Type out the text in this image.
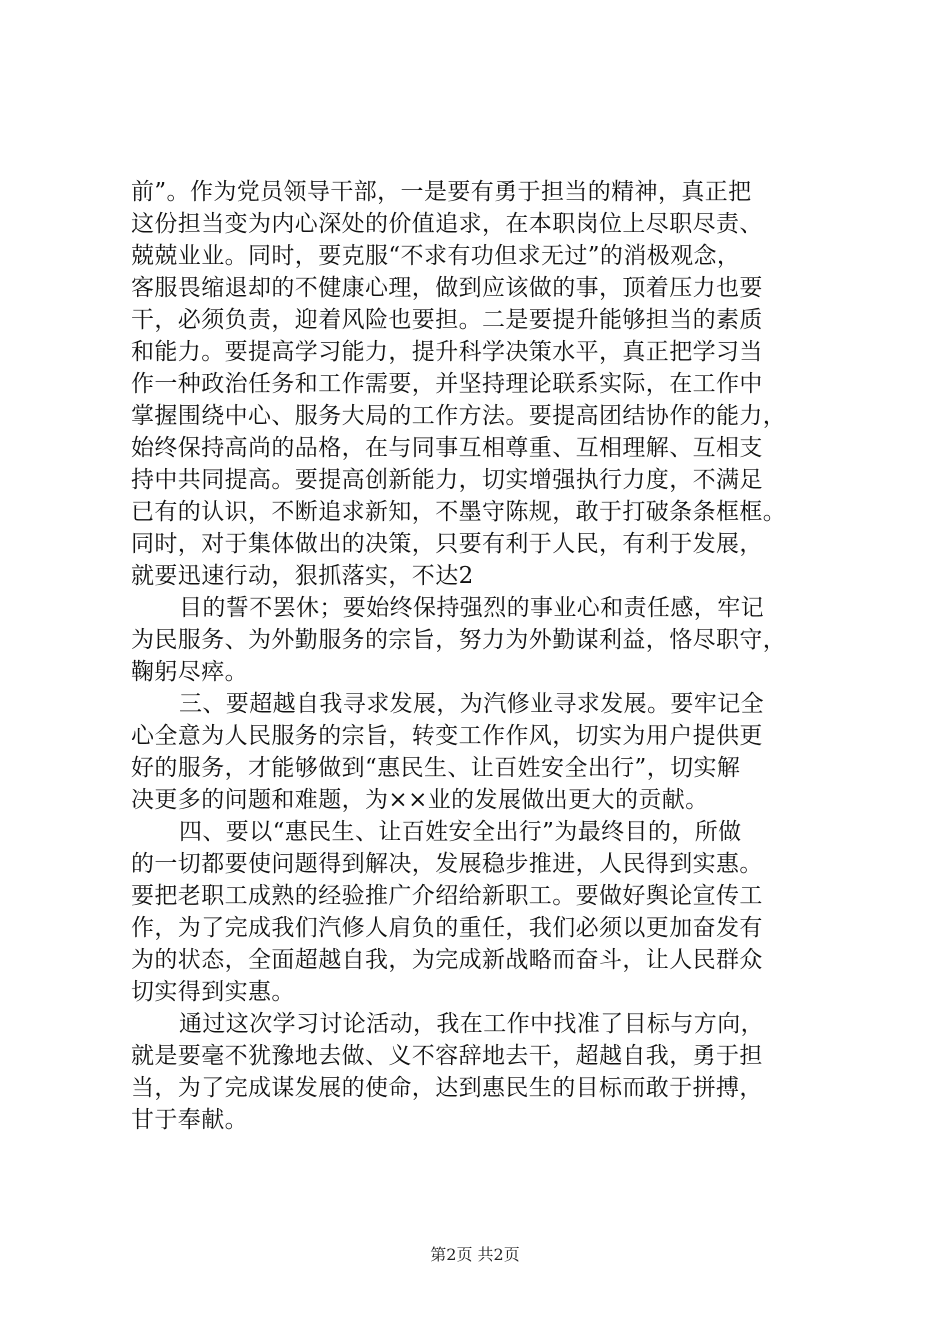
前”。作为党员领导干部，一是要有勇于担当的精神，真正把
这份担当变为内心深处的价值追求，在本职岗位上尽职尽责、
兢兢业业。同时，要克服“不求有功但求无过”的消极观念，
客服畏缩退却的不健康心理，做到应该做的事，顶着压力也要
干，必须负责，迎着风险也要担。二是要提升能够担当的素质
和能力。要提高学习能力，提升科学决策水平，真正把学习当
作一种政治任务和工作需要，并坚持理论联系实际，在工作中
掌握围绕中心、服务大局的工作方法。要提高团结协作的能力，
始终保持高尚的品格，在与同事互相尊重、互相理解、互相支
持中共同提高。要提高创新能力，切实增强执行力度，不满足
已有的认识，不断追求新知，不墨守陈规，敢于打破条条框框。
同时，对于集体做出的决策，只要有利于人民，有利于发展，
就要迅速行动，狠抓落实，不达2
目的誓不罢休；要始终保持强烈的事业心和责任感，牢记
为民服务、为外勤服务的宗旨，努力为外勤谋利益，恪尽职守，
鞠躬尽瘁。
三、要超越自我寻求发展，为汽修业寻求发展。要牢记全
心全意为人民服务的宗旨，转变工作作风，切实为用户提供更
好的服务，才能够做到“惠民生、让百姓安全出行”，切实解
决更多的问题和难题，为××业的发展做出更大的贡献。
四、要以“惠民生、让百姓安全出行”为最终目的，所做
的一切都要使问题得到解决，发展稳步推进，人民得到实惠。
要把老职工成熟的经验推广介绍给新职工。要做好舆论宣传工
作，为了完成我们汽修人肩负的重任，我们必须以更加奋发有
为的状态，全面超越自我，为完成新战略而奋斗，让人民群众
切实得到实惠。
通过这次学习讨论活动，我在工作中找准了目标与方向，
就是要毫不犹豫地去做、义不容辞地去干，超越自我，勇于担
当，为了完成谋发展的使命，达到惠民生的目标而敢于拼搏，
甘于奉献。
第2页 共2页
